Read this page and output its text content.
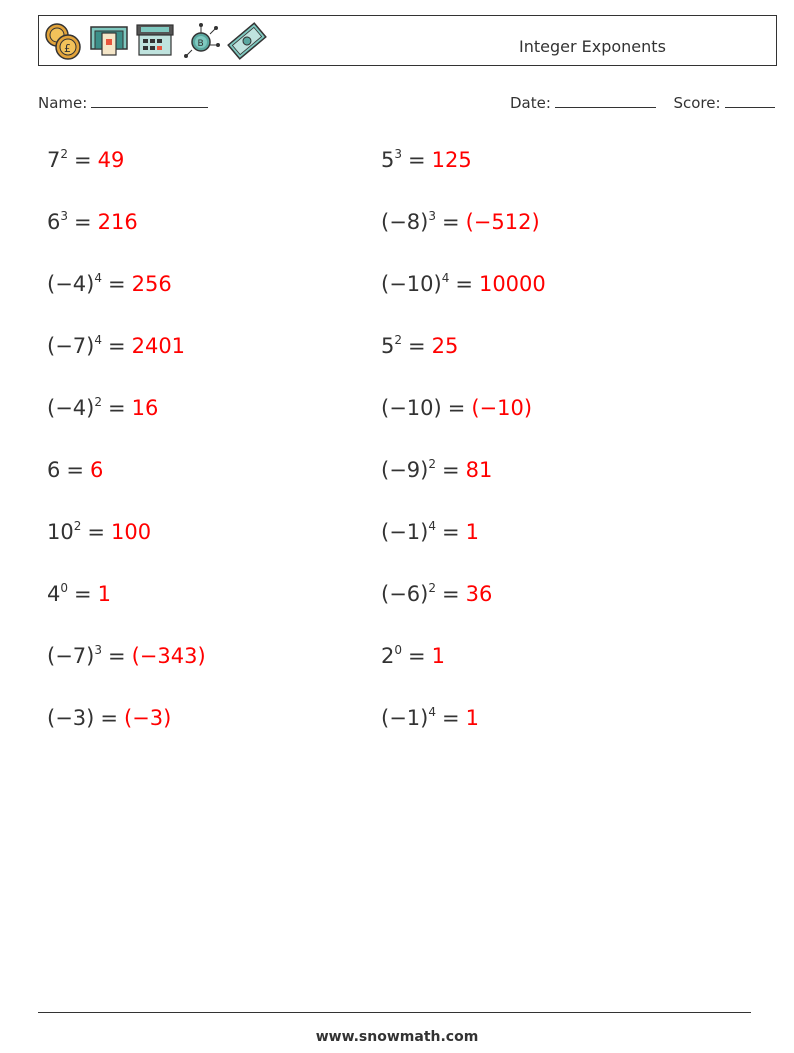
£	B	Integer Exponents
Name:	Date:	Score:
$7^2 = 49$	$5^3 = 125$
$6^3 = 216$	$(-8)^3 = (-512)$
$(-4)^4 = 256$	$(-10)^4 = 10000$
$(-7)^4 = 2401$	$5^2 = 25$
$(-4)^2 = 16$	(−10) = (−10)
6 = 6	$(-9)^2 = 81$
$10^2 = 100$	$(-1)^4 = 1$
$4^0 = 1$	$(-6)^2 = 36$
$(-7)^3 = (-343)$	$2^0 = 1$
(−3) = (−3)	$(-1)^4 = 1$
www.snowmath.com
